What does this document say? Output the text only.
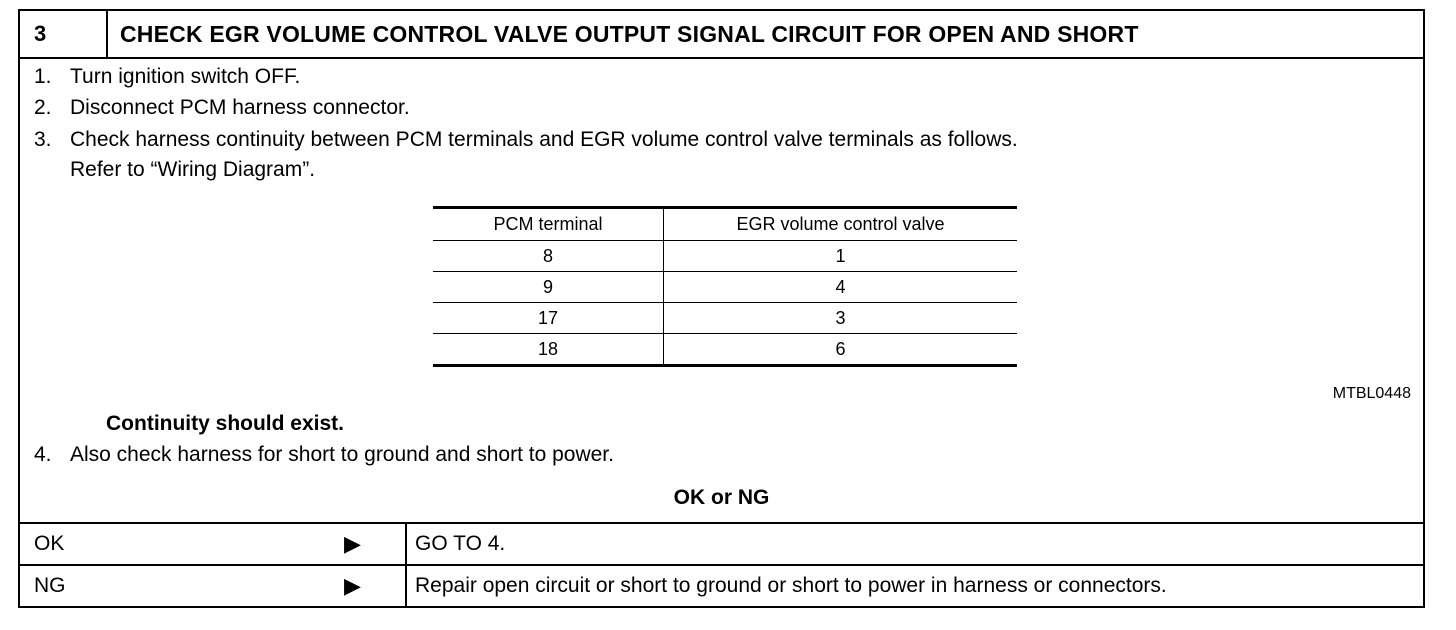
3	CHECK EGR VOLUME CONTROL VALVE OUTPUT SIGNAL CIRCUIT FOR OPEN AND SHORT
1. Turn ignition switch OFF.
2. Disconnect PCM harness connector.
3. Check harness continuity between PCM terminals and EGR volume control valve terminals as follows.
Refer to “Wiring Diagram”.
PCM terminal	EGR volume control valve
8	1
9	4
17	3
18	6
MTBL0448
Continuity should exist.
4. Also check harness for short to ground and short to power.
OK or NG
OK	▶	GO TO 4.
NG	▶	Repair open circuit or short to ground or short to power in harness or connectors.
